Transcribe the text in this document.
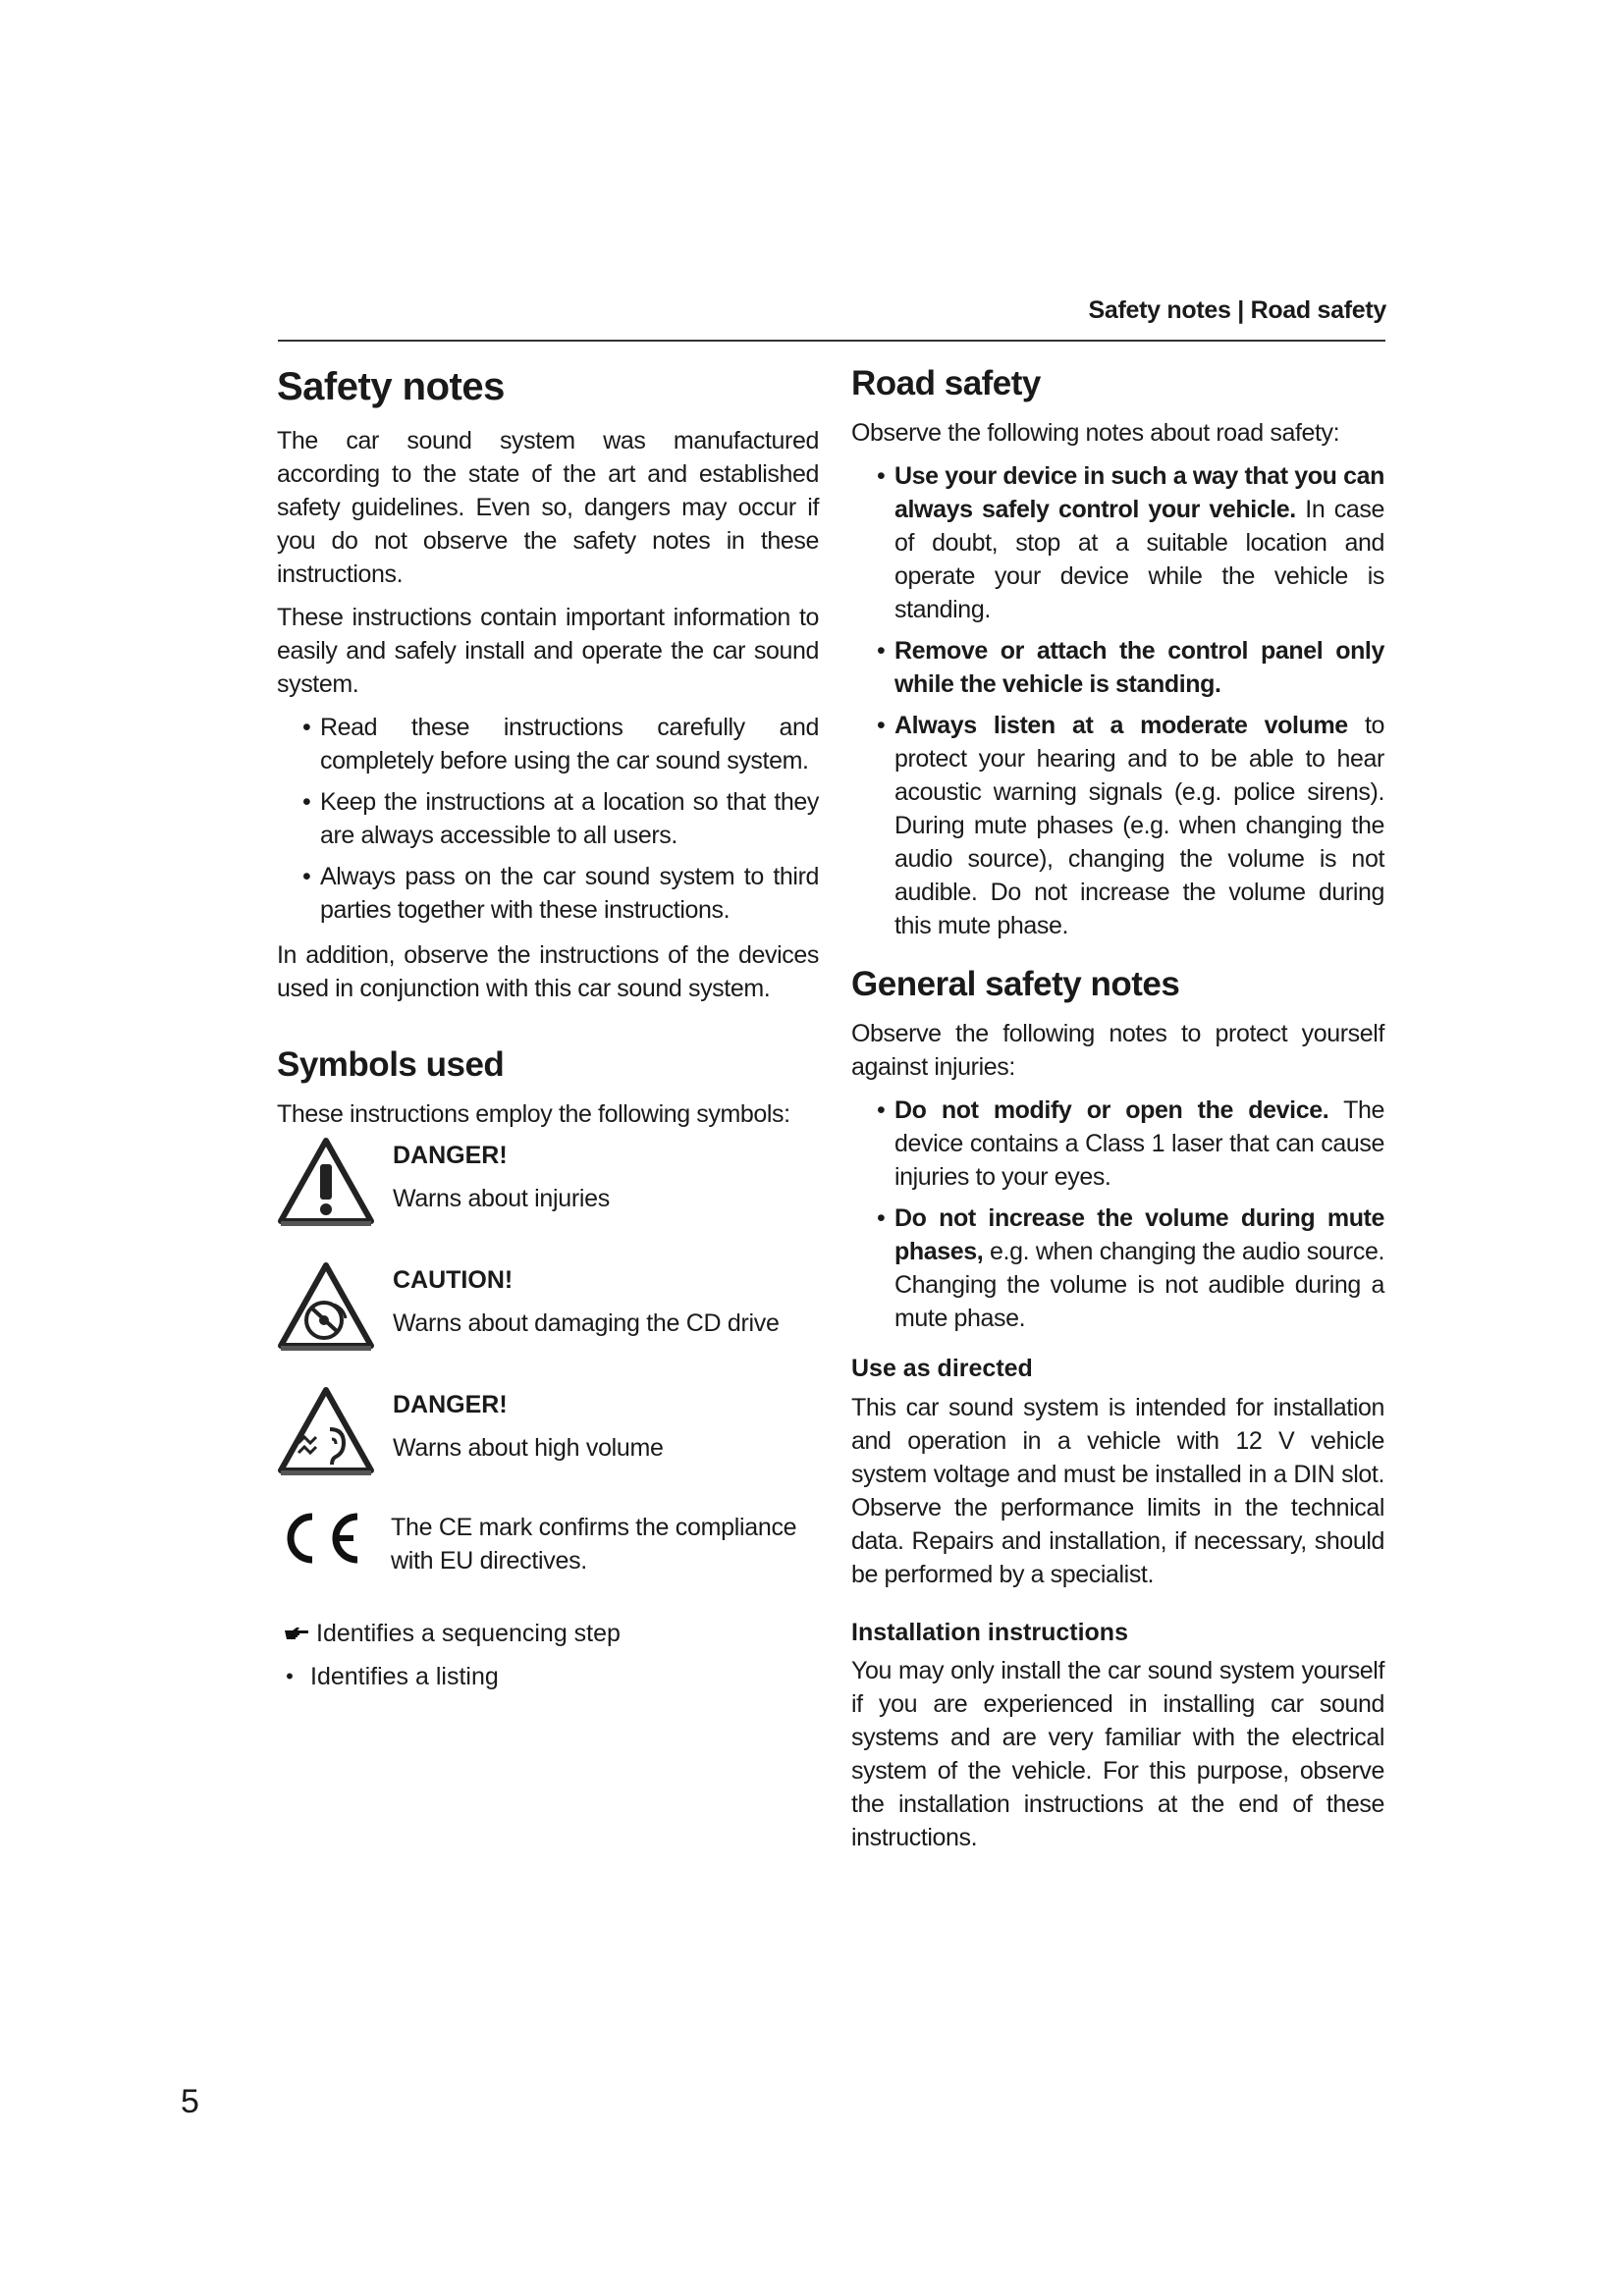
Safety notes | Road safety
Safety notes

The car sound system was manufactured according to the state of the art and established safety guidelines. Even so, dangers may occur if you do not observe the safety notes in these instructions.

These instructions contain important information to easily and safely install and operate the car sound system.

• Read these instructions carefully and completely before using the car sound system.
• Keep the instructions at a location so that they are always accessible to all users.
• Always pass on the car sound system to third parties together with these instructions.

In addition, observe the instructions of the devices used in conjunction with this car sound system.

Symbols used

These instructions employ the following symbols:

DANGER!
Warns about injuries
CAUTION!
Warns about damaging the CD drive
DANGER!
Warns about high volume
The CE mark confirms the compliance with EU directives.
Identifies a sequencing step
• Identifies a listing
Road safety

Observe the following notes about road safety:

• Use your device in such a way that you can always safely control your vehicle. In case of doubt, stop at a suitable location and operate your device while the vehicle is standing.
• Remove or attach the control panel only while the vehicle is standing.
• Always listen at a moderate volume to protect your hearing and to be able to hear acoustic warning signals (e.g. police sirens). During mute phases (e.g. when changing the audio source), changing the volume is not audible. Do not increase the volume during this mute phase.
General safety notes

Observe the following notes to protect yourself against injuries:

• Do not modify or open the device. The device contains a Class 1 laser that can cause injuries to your eyes.
• Do not increase the volume during mute phases, e.g. when changing the audio source. Changing the volume is not audible during a mute phase.
Use as directed

This car sound system is intended for installation and operation in a vehicle with 12 V vehicle system voltage and must be installed in a DIN slot. Observe the performance limits in the technical data. Repairs and installation, if necessary, should be performed by a specialist.

Installation instructions

You may only install the car sound system yourself if you are experienced in installing car sound systems and are very familiar with the electrical system of the vehicle. For this purpose, observe the installation instructions at the end of these instructions.

5
